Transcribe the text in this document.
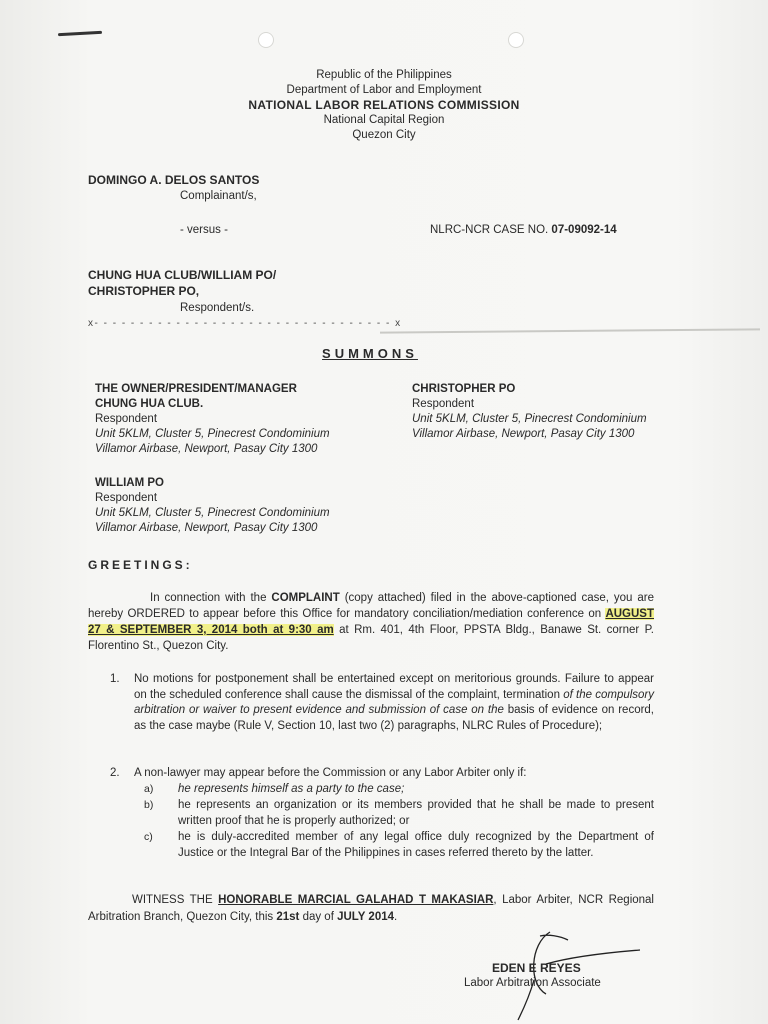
Republic of the Philippines
Department of Labor and Employment
NATIONAL LABOR RELATIONS COMMISSION
National Capital Region
Quezon City
DOMINGO A. DELOS SANTOS
Complainant/s,
- versus -	NLRC-NCR CASE NO. 07-09092-14
CHUNG HUA CLUB/WILLIAM PO/
CHRISTOPHER PO,
Respondent/s.
x- - - - - - - - - - - - - - - - - - - - - - - - - - - - - - - - - x
SUMMONS
THE OWNER/PRESIDENT/MANAGER
CHUNG HUA CLUB.
Respondent
Unit 5KLM, Cluster 5, Pinecrest Condominium
Villamor Airbase, Newport, Pasay City 1300
CHRISTOPHER PO
Respondent
Unit 5KLM, Cluster 5, Pinecrest Condominium
Villamor Airbase, Newport, Pasay City 1300
WILLIAM PO
Respondent
Unit 5KLM, Cluster 5, Pinecrest Condominium
Villamor Airbase, Newport, Pasay City 1300
GREETINGS:
In connection with the COMPLAINT (copy attached) filed in the above-captioned case, you are hereby ORDERED to appear before this Office for mandatory conciliation/mediation conference on AUGUST 27 & SEPTEMBER 3, 2014 both at 9:30 am at Rm. 401, 4th Floor, PPSTA Bldg., Banawe St. corner P. Florentino St., Quezon City.
1. No motions for postponement shall be entertained except on meritorious grounds. Failure to appear on the scheduled conference shall cause the dismissal of the complaint, termination of the compulsory arbitration or waiver to present evidence and submission of case on the basis of evidence on record, as the case maybe (Rule V, Section 10, last two (2) paragraphs, NLRC Rules of Procedure);
2. A non-lawyer may appear before the Commission or any Labor Arbiter only if:
a)	he represents himself as a party to the case;
b)	he represents an organization or its members provided that he shall be made to present written proof that he is properly authorized; or
c)	he is duly-accredited member of any legal office duly recognized by the Department of Justice or the Integral Bar of the Philippines in cases referred thereto by the latter.
WITNESS THE HONORABLE MARCIAL GALAHAD T MAKASIAR, Labor Arbiter, NCR Regional Arbitration Branch, Quezon City, this 21st day of JULY 2014.
EDEN E REYES
Labor Arbitration Associate
